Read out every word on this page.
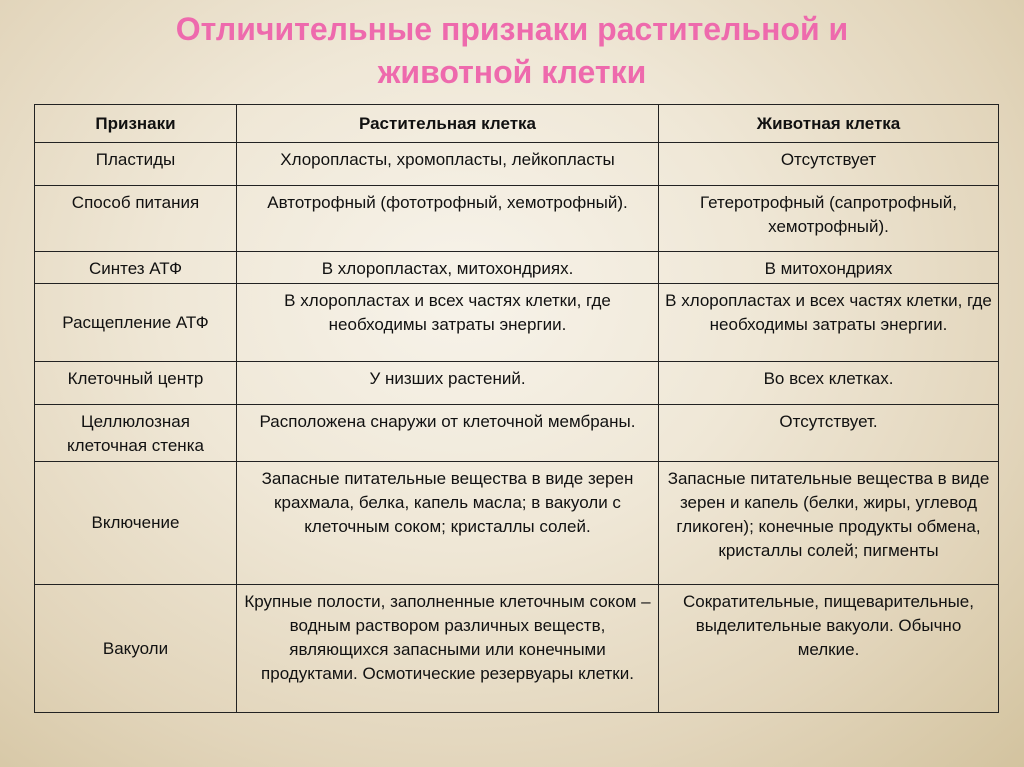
Отличительные признаки растительной и
животной клетки
Признаки	Растительная клетка	Животная клетка
Пластиды	Хлоропласты, хромопласты, лейкопласты	Отсутствует
Способ питания	Автотрофный (фототрофный, хемотрофный).	Гетеротрофный (сапротрофный, хемотрофный).
Синтез АТФ	В хлоропластах, митохондриях.	В митохондриях
Расщепление АТФ	В хлоропластах и всех частях клетки, где необходимы затраты энергии.	В хлоропластах и всех частях клетки, где необходимы затраты энергии.
Клеточный центр	У низших растений.	Во всех клетках.
Целлюлозная клеточная стенка	Расположена снаружи от клеточной мембраны.	Отсутствует.
Включение	Запасные питательные вещества в виде зерен крахмала, белка, капель масла; в вакуоли с клеточным соком; кристаллы солей.	Запасные питательные вещества в виде зерен и капель (белки, жиры, углевод гликоген); конечные продукты обмена, кристаллы солей; пигменты
Вакуоли	Крупные полости, заполненные клеточным соком – водным раствором различных веществ, являющихся запасными или конечными продуктами. Осмотические резервуары клетки.	Сократительные, пищеварительные, выделительные вакуоли. Обычно мелкие.
